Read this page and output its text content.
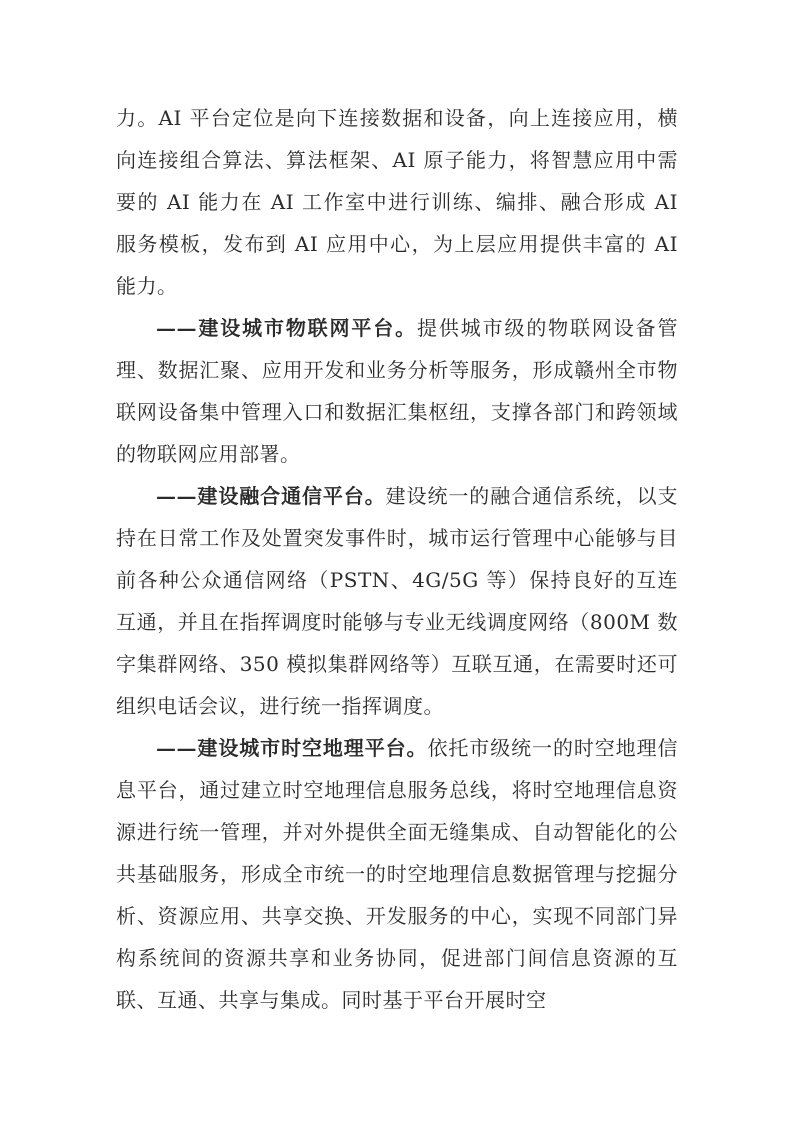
力。AI 平台定位是向下连接数据和设备，向上连接应用，横向连接组合算法、算法框架、AI 原子能力，将智慧应用中需要的 AI 能力在 AI 工作室中进行训练、编排、融合形成 AI 服务模板，发布到 AI 应用中心，为上层应用提供丰富的 AI 能力。

——建设城市物联网平台。提供城市级的物联网设备管理、数据汇聚、应用开发和业务分析等服务，形成赣州全市物联网设备集中管理入口和数据汇集枢纽，支撑各部门和跨领域的物联网应用部署。

——建设融合通信平台。建设统一的融合通信系统，以支持在日常工作及处置突发事件时，城市运行管理中心能够与目前各种公众通信网络（PSTN、4G/5G 等）保持良好的互连互通，并且在指挥调度时能够与专业无线调度网络（800M 数字集群网络、350 模拟集群网络等）互联互通，在需要时还可组织电话会议，进行统一指挥调度。

——建设城市时空地理平台。依托市级统一的时空地理信息平台，通过建立时空地理信息服务总线，将时空地理信息资源进行统一管理，并对外提供全面无缝集成、自动智能化的公共基础服务，形成全市统一的时空地理信息数据管理与挖掘分析、资源应用、共享交换、开发服务的中心，实现不同部门异构系统间的资源共享和业务协同，促进部门间信息资源的互联、互通、共享与集成。同时基于平台开展时空
